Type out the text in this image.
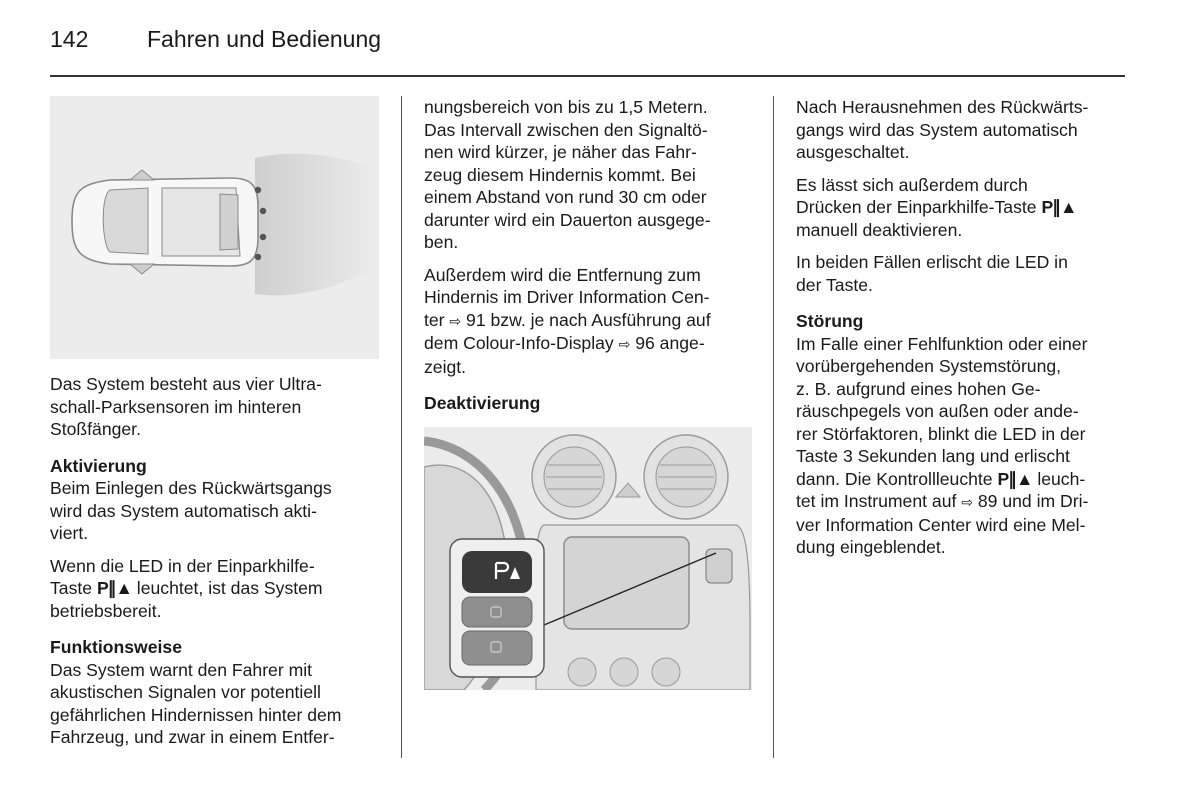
142	Fahren und Bedienung

Das System besteht aus vier Ultra-
schall-Parksensoren im hinteren
Stoßfänger.

Aktivierung

Beim Einlegen des Rückwärtsgangs
wird das System automatisch akti-
viert.

Wenn die LED in der Einparkhilfe-
Taste P∥▲ leuchtet, ist das System
betriebsbereit.

Funktionsweise

Das System warnt den Fahrer mit
akustischen Signalen vor potentiell
gefährlichen Hindernissen hinter dem
Fahrzeug, und zwar in einem Entfer-

nungsbereich von bis zu 1,5 Metern.
Das Intervall zwischen den Signaltö-
nen wird kürzer, je näher das Fahr-
zeug diesem Hindernis kommt. Bei
einem Abstand von rund 30 cm oder
darunter wird ein Dauerton ausgege-
ben.

Außerdem wird die Entfernung zum
Hindernis im Driver Information Cen-
ter ⇨ 91 bzw. je nach Ausführung auf
dem Colour-Info-Display ⇨ 96 ange-
zeigt.

Deaktivierung

Nach Herausnehmen des Rückwärts-
gangs wird das System automatisch
ausgeschaltet.

Es lässt sich außerdem durch
Drücken der Einparkhilfe-Taste P∥▲
manuell deaktivieren.

In beiden Fällen erlischt die LED in
der Taste.

Störung

Im Falle einer Fehlfunktion oder einer
vorübergehenden Systemstörung,
z. B. aufgrund eines hohen Ge-
räuschpegels von außen oder ande-
rer Störfaktoren, blinkt die LED in der
Taste 3 Sekunden lang und erlischt
dann. Die Kontrollleuchte P∥▲ leuch-
tet im Instrument auf ⇨ 89 und im Dri-
ver Information Center wird eine Mel-
dung eingeblendet.
